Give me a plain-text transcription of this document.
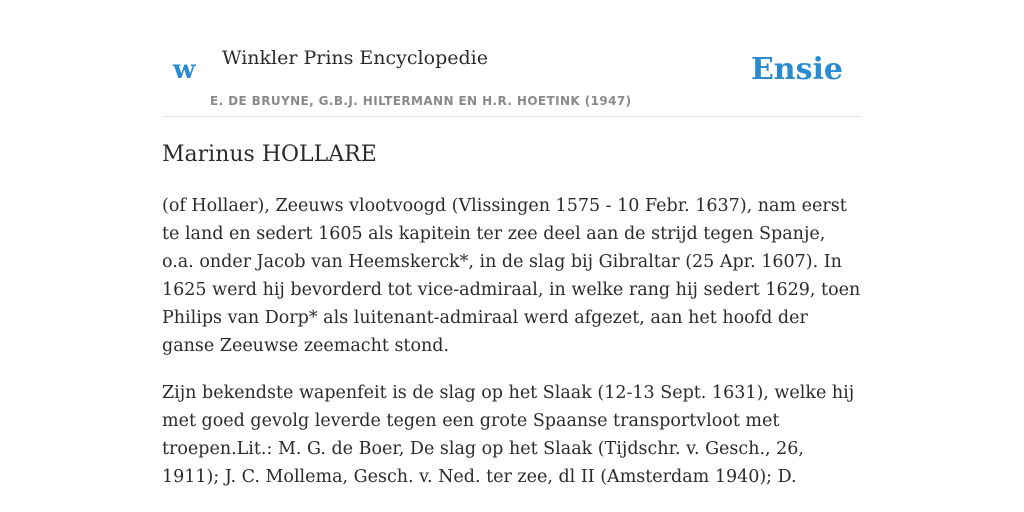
w Winkler Prins Encyclopedie	Ensie
E. DE BRUYNE, G.B.J. HILTERMANN EN H.R. HOETINK (1947)
Marinus HOLLARE

(of Hollaer), Zeeuws vlootvoogd (Vlissingen 1575 - 10 Febr. 1637), nam eerst te land en sedert 1605 als kapitein ter zee deel aan de strijd tegen Spanje, o.a. onder Jacob van Heemskerck*, in de slag bij Gibraltar (25 Apr. 1607). In 1625 werd hij bevorderd tot vice-admiraal, in welke rang hij sedert 1629, toen Philips van Dorp* als luitenant-admiraal werd afgezet, aan het hoofd der ganse Zeeuwse zeemacht stond.

Zijn bekendste wapenfeit is de slag op het Slaak (12-13 Sept. 1631), welke hij met goed gevolg leverde tegen een grote Spaanse transportvloot met troepen.Lit.: M. G. de Boer, De slag op het Slaak (Tijdschr. v. Gesch., 26, 1911); J. C. Mollema, Gesch. v. Ned. ter zee, dl II (Amsterdam 1940); D.
